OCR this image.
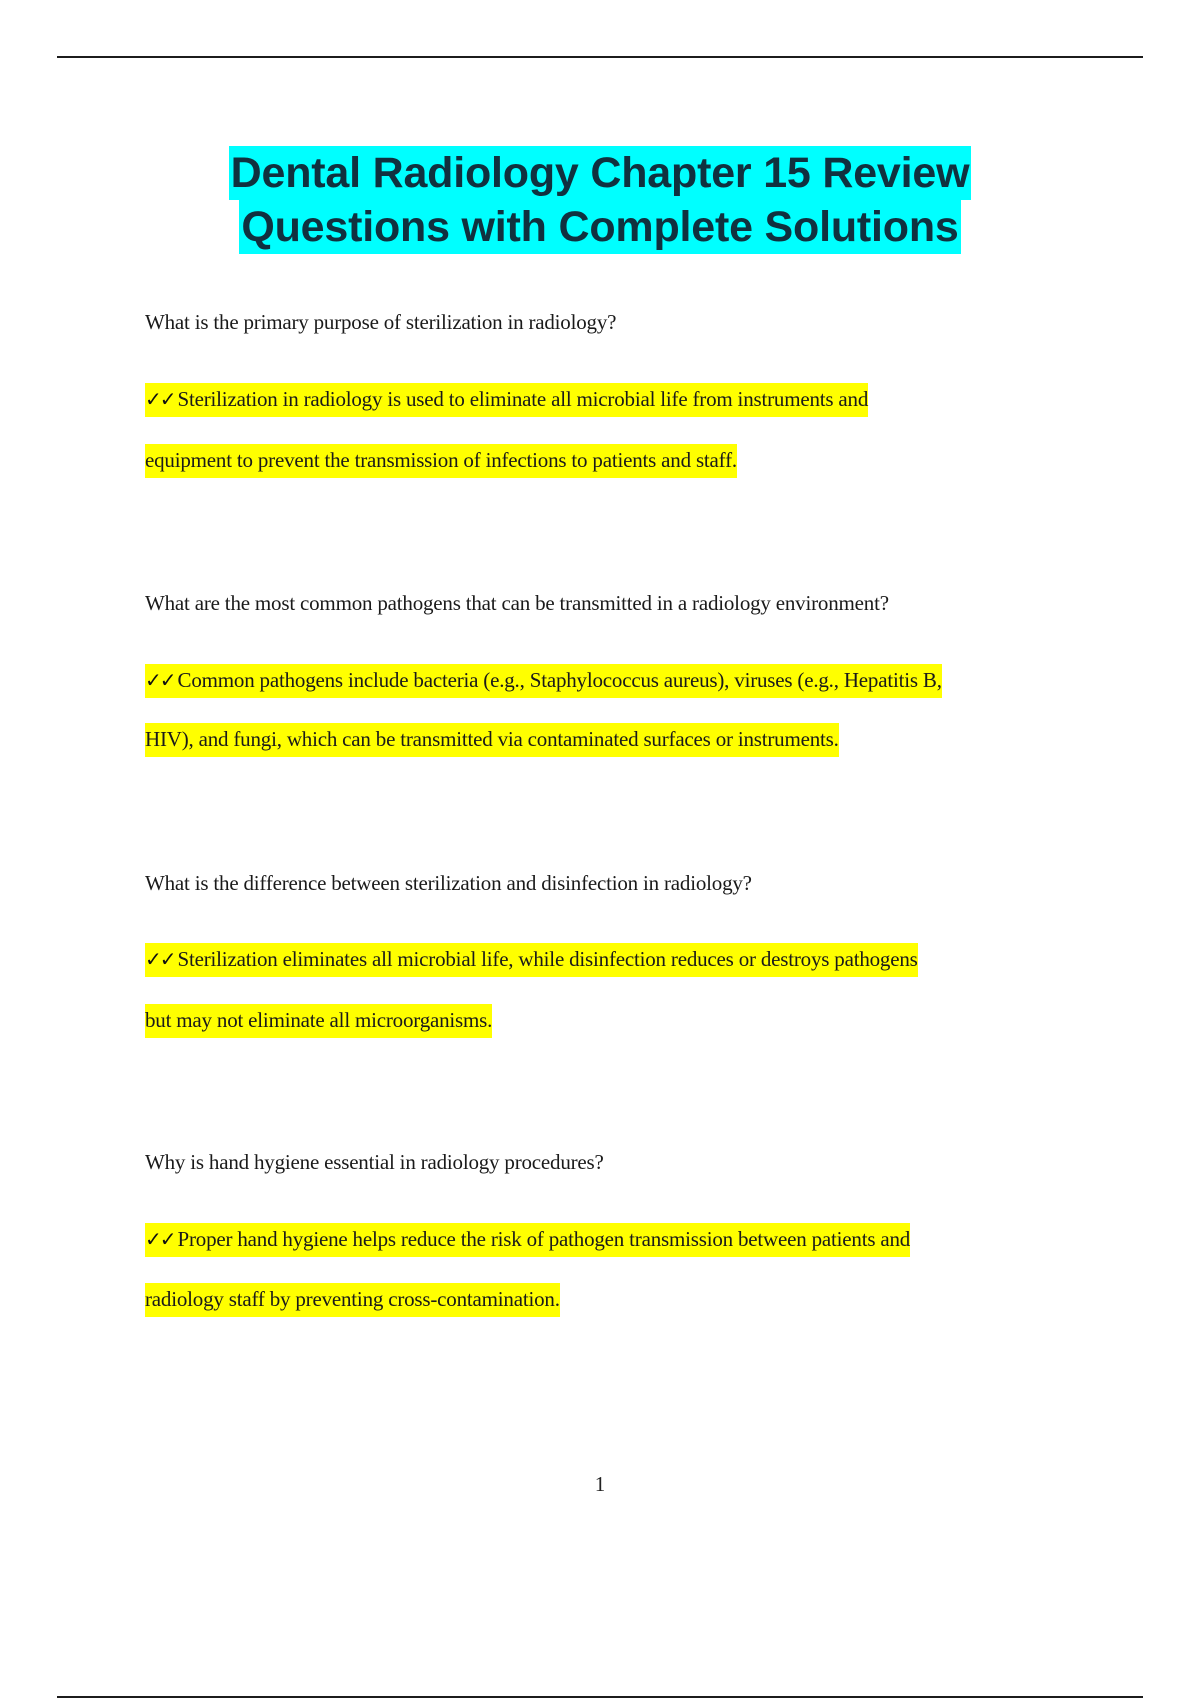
Dental Radiology Chapter 15 Review
Questions with Complete Solutions
What is the primary purpose of sterilization in radiology?
✓✓ Sterilization in radiology is used to eliminate all microbial life from instruments and
equipment to prevent the transmission of infections to patients and staff.
What are the most common pathogens that can be transmitted in a radiology environment?
✓✓ Common pathogens include bacteria (e.g., Staphylococcus aureus), viruses (e.g., Hepatitis B,
HIV), and fungi, which can be transmitted via contaminated surfaces or instruments.
What is the difference between sterilization and disinfection in radiology?
✓✓ Sterilization eliminates all microbial life, while disinfection reduces or destroys pathogens
but may not eliminate all microorganisms.
Why is hand hygiene essential in radiology procedures?
✓✓ Proper hand hygiene helps reduce the risk of pathogen transmission between patients and
radiology staff by preventing cross-contamination.
1
